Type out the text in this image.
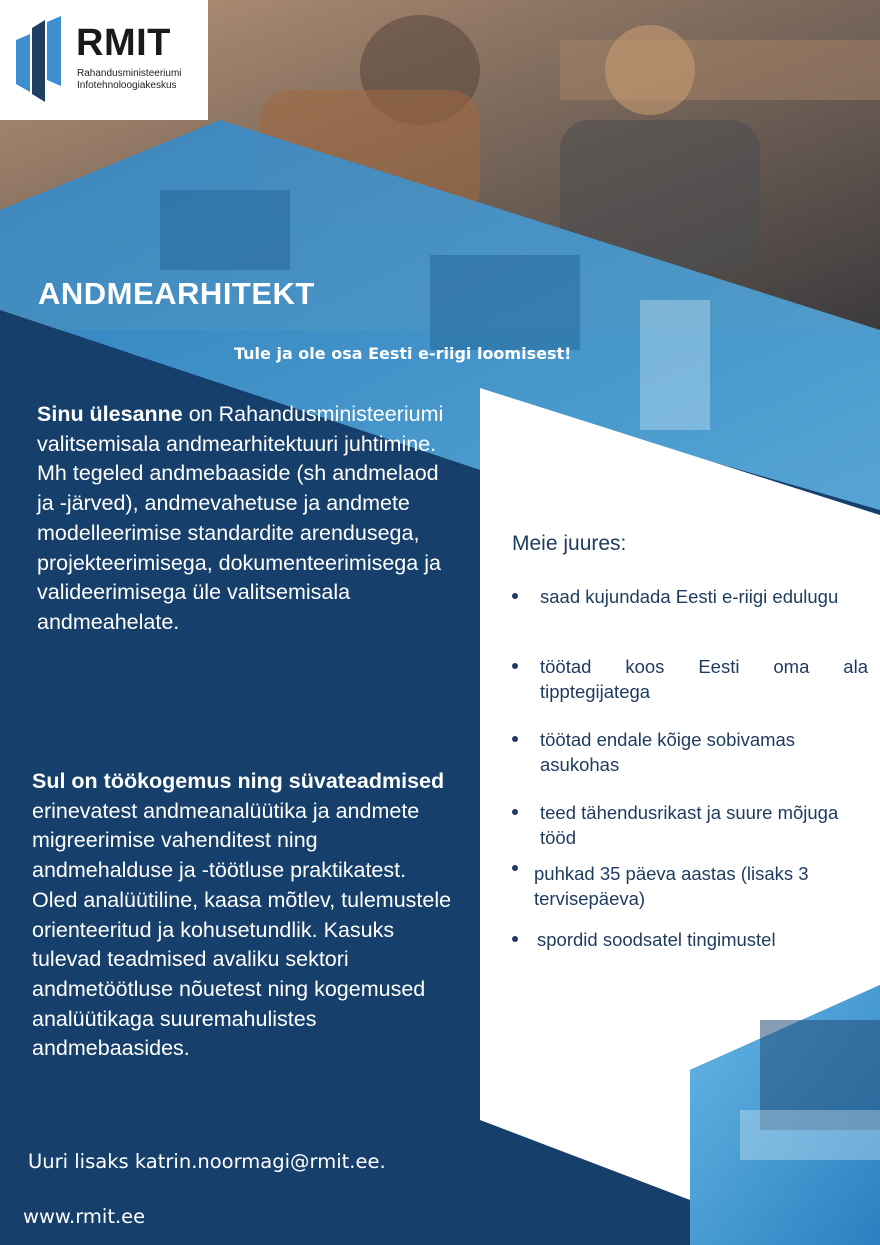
RMIT
Rahandusministeeriumi
Infotehnoloogiakeskus
ANDMEARHITEKT
Tule ja ole osa Eesti e-riigi loomisest!
Sinu ülesanne on Rahandusministeeriumi valitsemisala andmearhitektuuri juhtimine. Mh tegeled andmebaaside (sh andmelaod ja -järved), andmevahetuse ja andmete modelleerimise standardite arendusega, projekteerimisega, dokumenteerimisega ja valideerimisega üle valitsemisala andmeahelate.
Sul on töökogemus ning süvateadmised erinevatest andmeanalüütika ja andmete migreerimise vahenditest ning andmehalduse ja -töötluse praktikatest. Oled analüütiline, kaasa mõtlev, tulemustele orienteeritud ja kohusetundlik. Kasuks tulevad teadmised avaliku sektori andmetöötluse nõuetest ning kogemused analüütikaga suuremahulistes andmebaasides.
Uuri lisaks katrin.noormagi@rmit.ee.
www.rmit.ee
Meie juures:
saad kujundada Eesti e-riigi edulugu
töötad koos Eesti oma ala tipptegijatega
töötad endale kõige sobivamas asukohas
teed tähendusrikast ja suure mõjuga tööd
puhkad 35 päeva aastas (lisaks 3 tervisepäeva)
spordid soodsatel tingimustel
